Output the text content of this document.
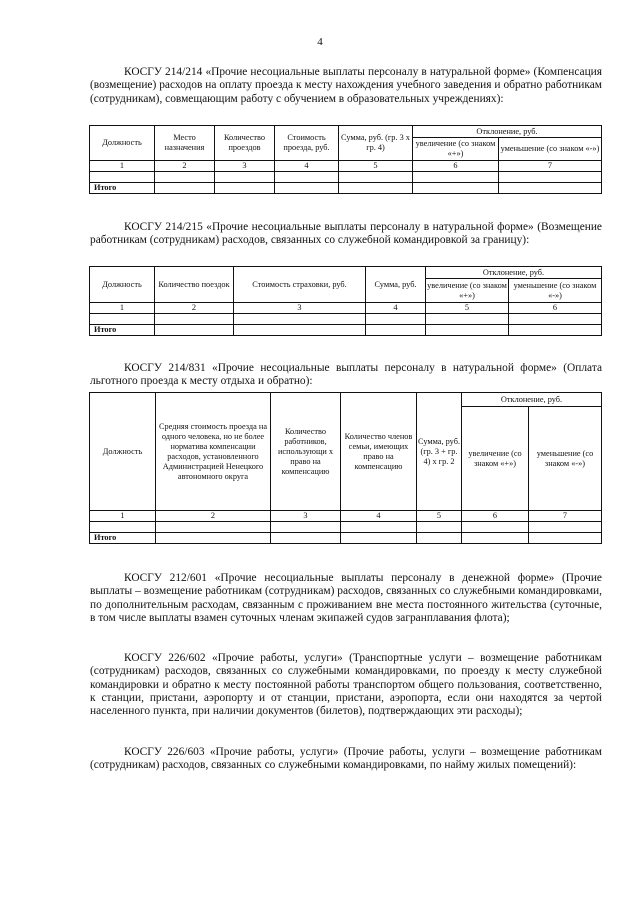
4

КОСГУ 214/214 «Прочие несоциальные выплаты персоналу в натуральной форме» (Компенсация (возмещение) расходов на оплату проезда к месту нахождения учебного заведения и обратно работникам (сотрудникам), совмещающим работу с обучением в образовательных учреждениях):

Должность	Место назначения	Количество проездов	Стоимость проезда, руб.	Сумма, руб. (гр. 3 х гр. 4)	Отклонение, руб.	
					увеличение (со знаком «+»)	уменьшение (со знаком «-»)
1	2	3	4	5	6	7

Итого						

КОСГУ 214/215 «Прочие несоциальные выплаты персоналу в натуральной форме» (Возмещение работникам (сотрудникам) расходов, связанных со служебной командировкой за границу):

Должность	Количество поездок	Стоимость страховки, руб.	Сумма, руб.	Отклонение, руб.	
				увеличение (со знаком «+»)	уменьшение (со знаком «-»)
1	2	3	4	5	6

Итого					

КОСГУ 214/831 «Прочие несоциальные выплаты персоналу в натуральной форме» (Оплата льготного проезда к месту отдыха и обратно):

Должность	Средняя стоимость проезда на одного человека, но не более норматива компенсации расходов, установленного Администрацией Ненецкого автономного округа	Количество работников, использующи х право на компенсацию	Количество членов семьи, имеющих право на компенсацию	Сумма, руб. (гр. 3 + гр. 4) х гр. 2	Отклонение, руб.	
					увеличение (со знаком «+»)	уменьшение (со знаком «-»)
1	2	3	4	5	6	7

Итого						

КОСГУ 212/601 «Прочие несоциальные выплаты персоналу в денежной форме» (Прочие выплаты – возмещение работникам (сотрудникам) расходов, связанных со служебными командировками, по дополнительным расходам, связанным с проживанием вне места постоянного жительства (суточные, в том числе выплаты взамен суточных членам экипажей судов загранплавания флота);

КОСГУ 226/602 «Прочие работы, услуги» (Транспортные услуги – возмещение работникам (сотрудникам) расходов, связанных со служебными командировками, по проезду к месту служебной командировки и обратно к месту постоянной работы транспортом общего пользования, соответственно, к станции, пристани, аэропорту и от станции, пристани, аэропорта, если они находятся за чертой населенного пункта, при наличии документов (билетов), подтверждающих эти расходы);

КОСГУ 226/603 «Прочие работы, услуги» (Прочие работы, услуги – возмещение работникам (сотрудникам) расходов, связанных со служебными командировками, по найму жилых помещений):
